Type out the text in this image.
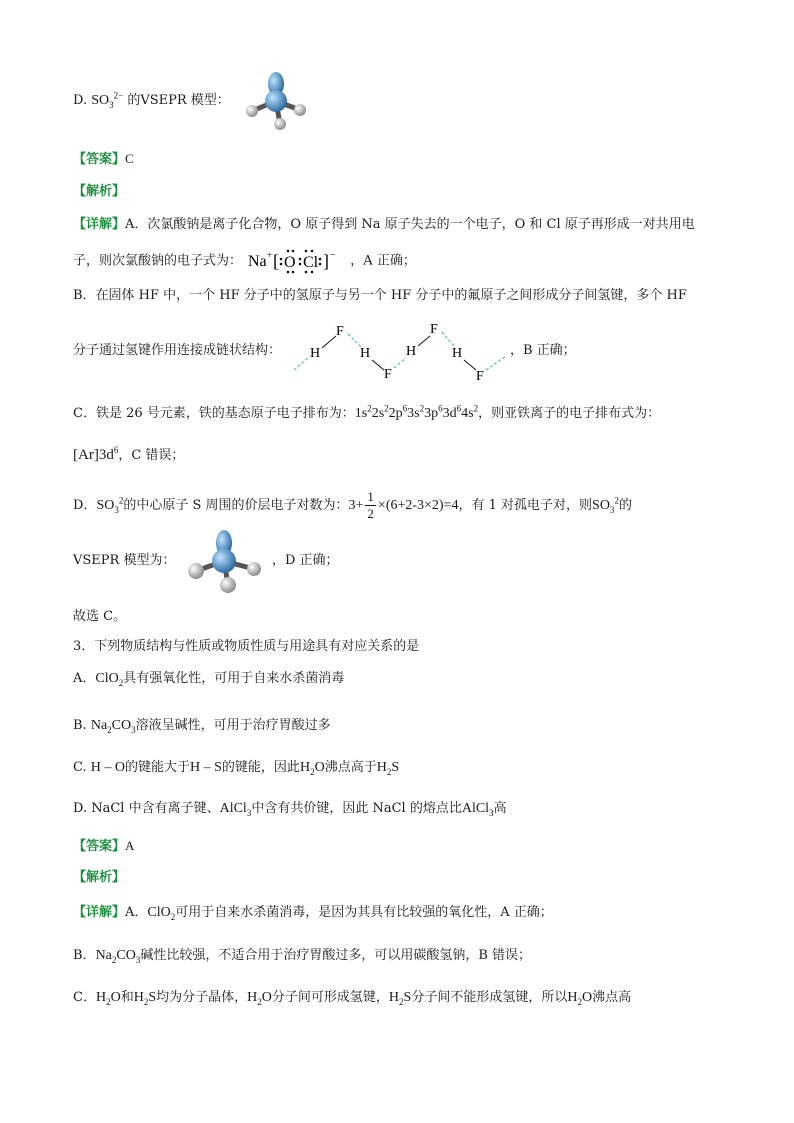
D. $SO_3^{2-}$ 的VSEPR 模型：
【答案】C
【解析】
【详解】A．次氯酸钠是离子化合物，O 原子得到 Na 原子失去的一个电子，O 和 Cl 原子再形成一对共用电
子，则次氯酸钠的电子式为： Na + [ O Cl ] − ，A 正确；
B．在固体 HF 中，一个 HF 分子中的氢原子与另一个 HF 分子中的氟原子之间形成分子间氢键，多个 HF
分子通过氢键作用连接成链状结构： H
F
H
F
H
F
H
F
，B 正确；
C．铁是 26 号元素，铁的基态原子电子排布为：$1s^22s^22p^63s^23p^63d^64s^2$，则亚铁离子的电子排布式为：
$[Ar]3d^6$，C 错误；
D．$SO_3^2$的中心原子 S 周围的价层电子对数为：$3+ \frac{1}{2} \times(6+2-3\times 2)=4$，有 1 对孤电子对，则$SO_3^2$的
VSEPR 模型为：	，D 正确；
故选 C。
3．下列物质结构与性质或物质性质与用途具有对应关系的是
A．ClO$_2$具有强氧化性，可用于自来水杀菌消毒
B. $Na_2CO_3$溶液呈碱性，可用于治疗胃酸过多
C. H – O的键能大于H – S的键能，因此$H_2O$沸点高于$H_2S$
D. NaCl 中含有离子键、AlCl$_3$中含有共价键，因此 NaCl 的熔点比AlCl$_3$高
【答案】A
【解析】
【详解】A．ClO$_2$可用于自来水杀菌消毒，是因为其具有比较强的氧化性，A 正确；
B．$Na_2CO_3$碱性比较强，不适合用于治疗胃酸过多，可以用碳酸氢钠，B 错误；
C．$H_2O$和$H_2S$均为分子晶体，$H_2O$分子间可形成氢键，$H_2S$分子间不能形成氢键，所以$H_2O$沸点高
